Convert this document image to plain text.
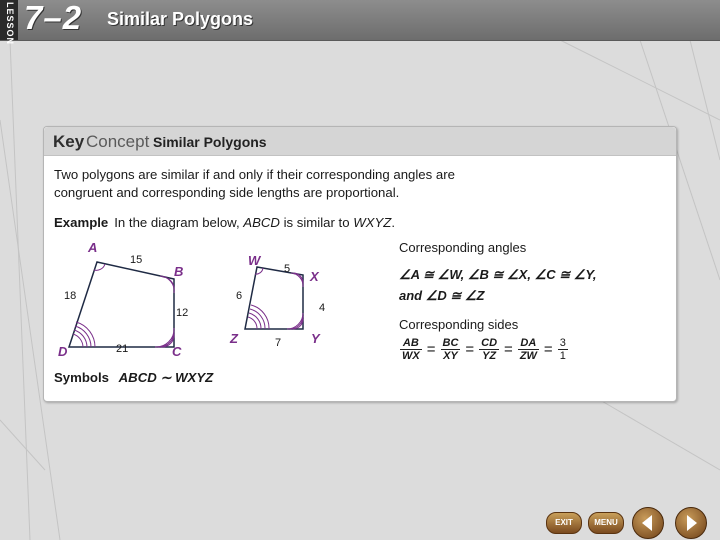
LESSON 7–2 Similar Polygons
Key Concept Similar Polygons
Two polygons are similar if and only if their corresponding angles are congruent and corresponding side lengths are proportional.
Example In the diagram below, ABCD is similar to WXYZ.
A
B
C
D
15
12
21
18
W
X
Y
Z
5
4
7
6
Corresponding angles
∠A ≅ ∠W, ∠B ≅ ∠X, ∠C ≅ ∠Y,
and ∠D ≅ ∠Z
Corresponding sides
$\frac{AB}{WX} = \frac{BC}{XY} = \frac{CD}{YZ} = \frac{DA}{ZW} = \frac{3}{1}$
Symbols ABCD ∼ WXYZ
EXIT	MENU
